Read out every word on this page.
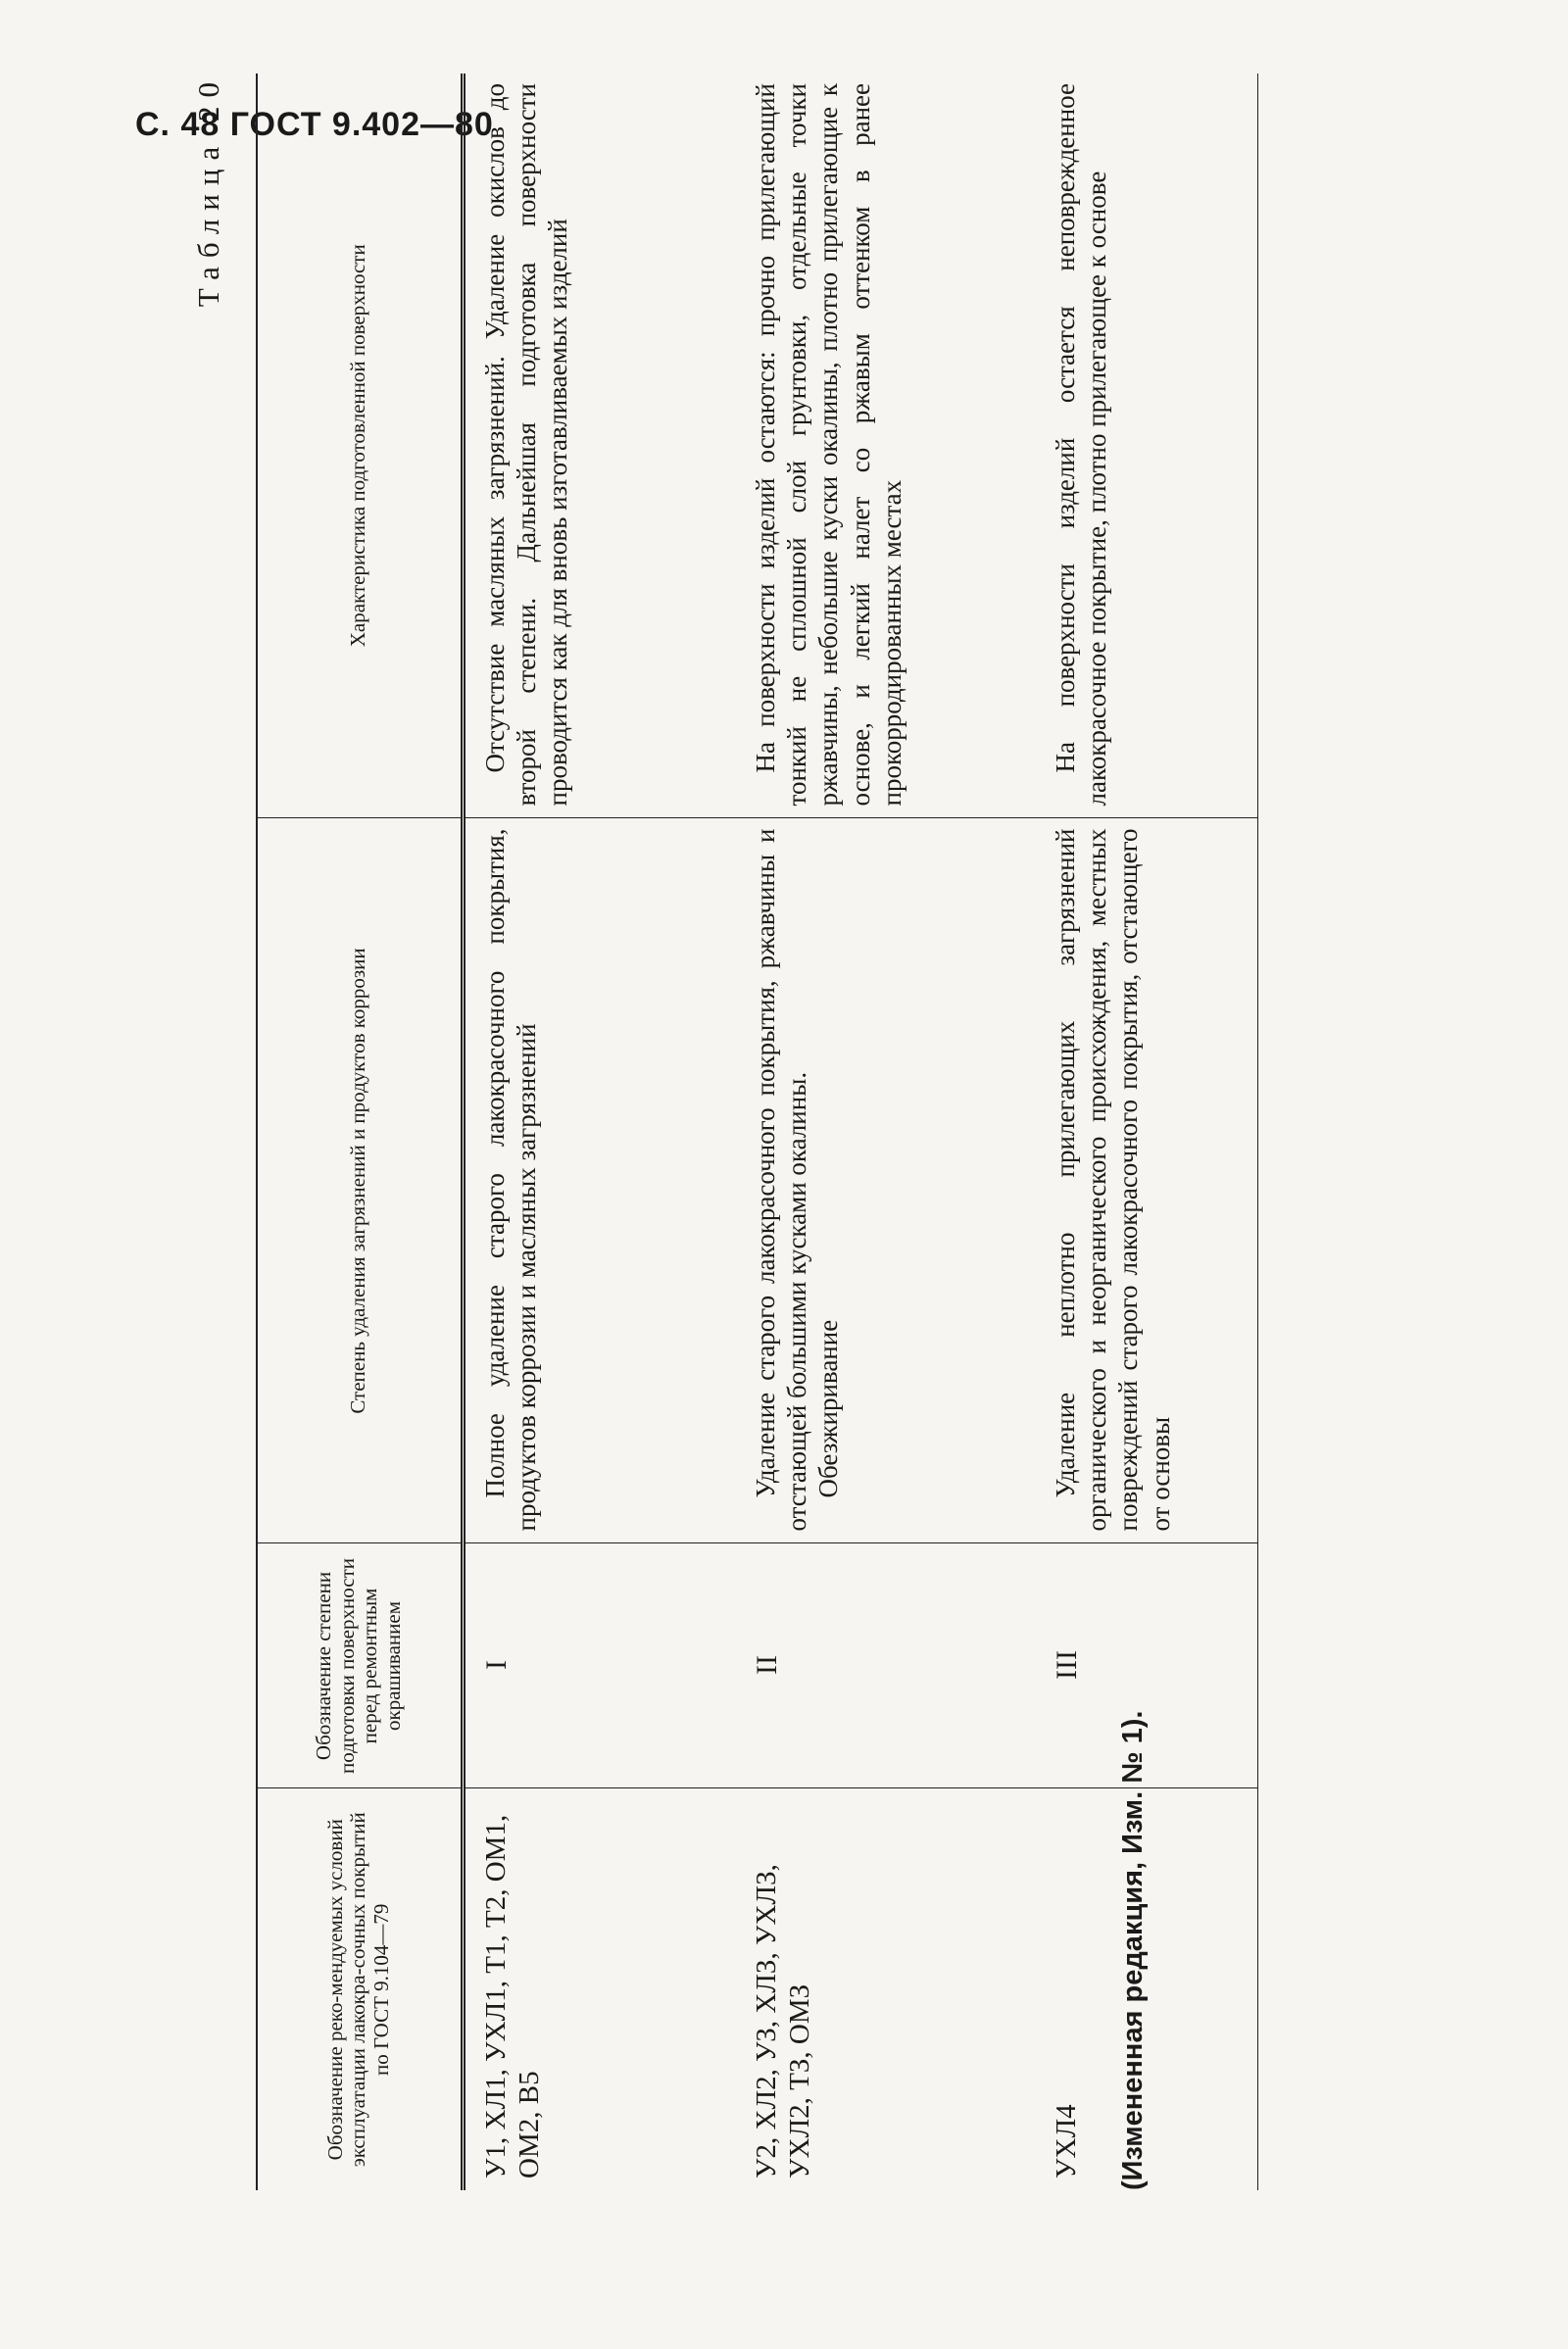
С. 48 ГОСТ 9.402—80
Таблица 20
Обозначение реко-мендуемых условий эксплуатации лакокра-сочных покрытий по ГОСТ 9.104—79	Обозначение степени подготовки поверхности перед ремонтным окрашиванием	Степень удаления загрязнений и продуктов коррозии	Характеристика подготовленной поверхности
У1, ХЛ1, УХЛ1, Т1, Т2, ОМ1, ОМ2, В5	I	Полное удаление старого лакокрасочного покрытия, продуктов коррозии и масляных загрязнений	Отсутствие масляных загрязнений. Удаление окислов до второй степени. Дальнейшая подготовка поверхности проводится как для вновь изготавливаемых изделий

У2, ХЛ2, УЗ, ХЛЗ, УХЛЗ, УХЛ2, ТЗ, ОМЗ	II	Удаление старого лакокрасочного покрытия, ржавчины и отстающей большими кусками окалины. Обезжиривание	На поверхности изделий остаются: прочно прилегающий тонкий не сплошной слой грунтовки, отдельные точки ржавчины, небольшие куски окалины, плотно прилегающие к основе, и легкий налет со ржавым оттенком в ранее прокорродированных местах

УХЛ4	III	Удаление неплотно прилегающих загрязнений органического и неорганического происхождения, местных повреждений старого лакокрасочного покрытия, отстающего от основы	На поверхности изделий остается неповрежденное лакокрасочное покрытие, плотно прилегающее к основе
(Измененная редакция, Изм. № 1).
